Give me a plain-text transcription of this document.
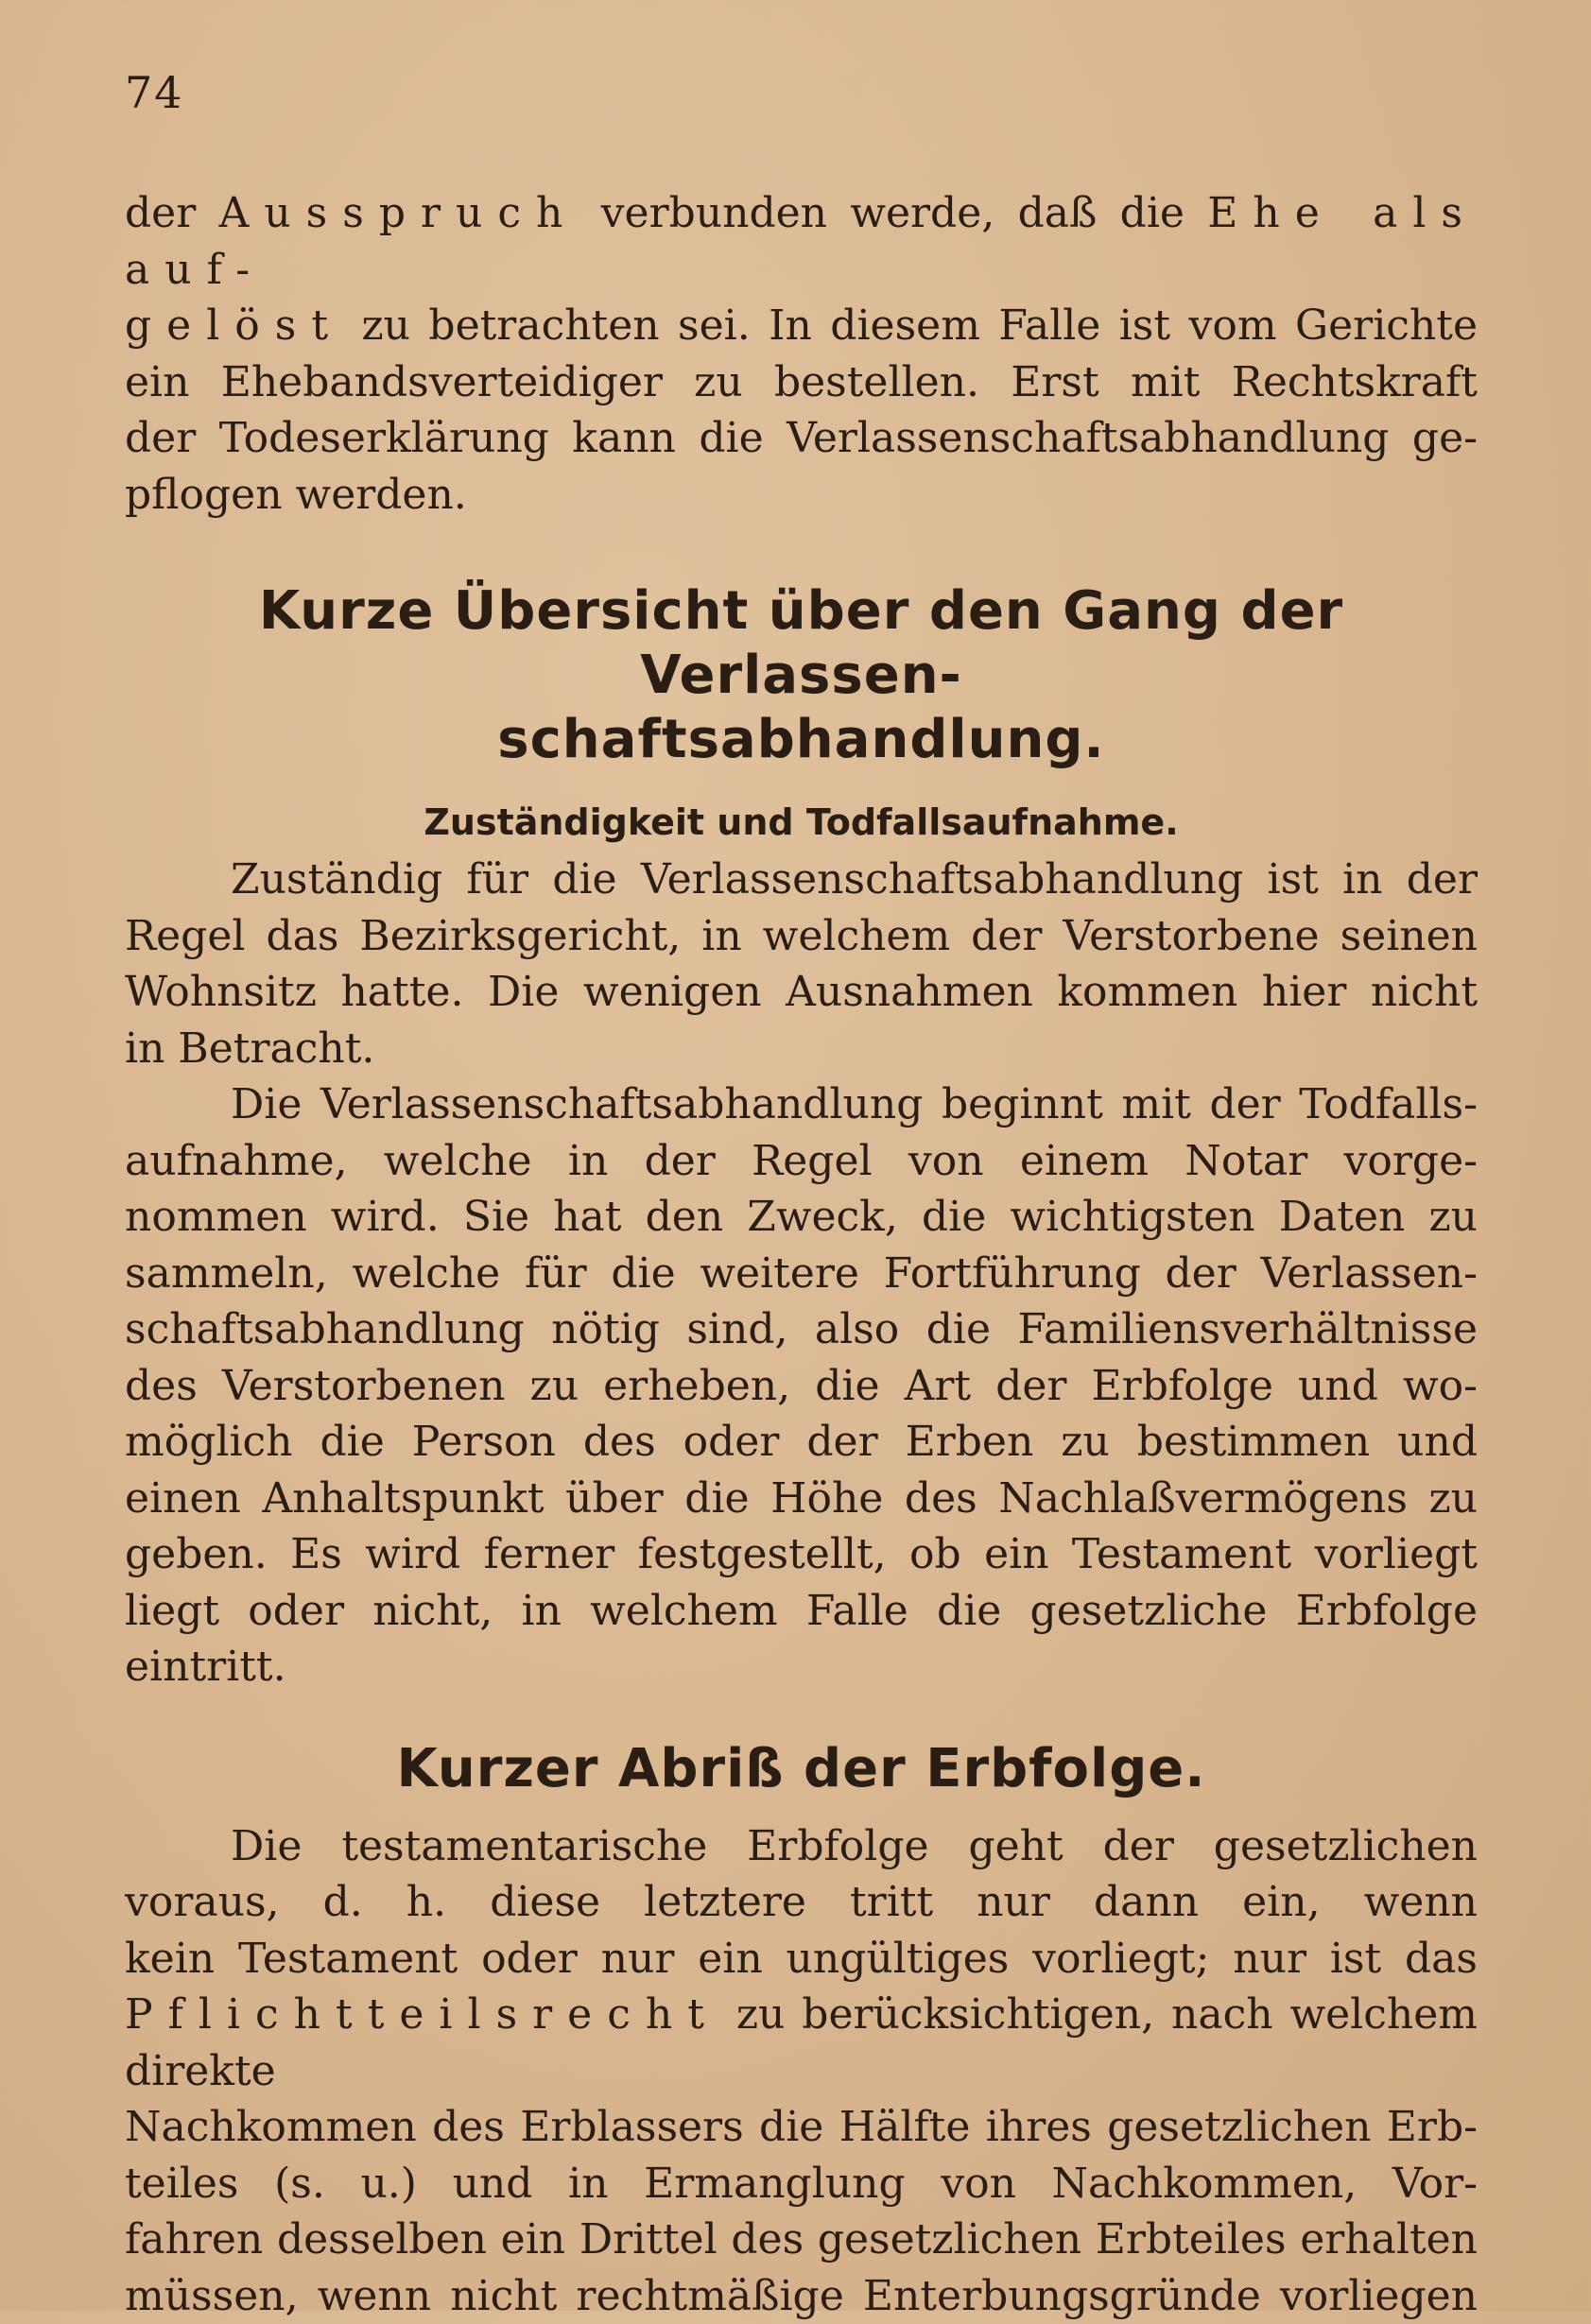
74
der Ausspruch verbunden werde, daß die Ehe als auf-
gelöst zu betrachten sei. In diesem Falle ist vom Gerichte
ein Ehebandsverteidiger zu bestellen. Erst mit Rechtskraft
der Todeserklärung kann die Verlassenschaftsabhandlung ge-
pflogen werden.
Kurze Übersicht über den Gang der Verlassen-
schaftsabhandlung.
Zuständigkeit und Todfallsaufnahme.
Zuständig für die Verlassenschaftsabhandlung ist in der
Regel das Bezirksgericht, in welchem der Verstorbene seinen
Wohnsitz hatte. Die wenigen Ausnahmen kommen hier nicht
in Betracht.
Die Verlassenschaftsabhandlung beginnt mit der Todfalls-
aufnahme, welche in der Regel von einem Notar vorge-
nommen wird. Sie hat den Zweck, die wichtigsten Daten zu
sammeln, welche für die weitere Fortführung der Verlassen-
schaftsabhandlung nötig sind, also die Familiensverhältnisse
des Verstorbenen zu erheben, die Art der Erbfolge und wo-
möglich die Person des oder der Erben zu bestimmen und
einen Anhaltspunkt über die Höhe des Nachlaßvermögens zu
geben. Es wird ferner festgestellt, ob ein Testament vorliegt
liegt oder nicht, in welchem Falle die gesetzliche Erbfolge
eintritt.
Kurzer Abriß der Erbfolge.
Die testamentarische Erbfolge geht der gesetzlichen
voraus, d. h. diese letztere tritt nur dann ein, wenn
kein Testament oder nur ein ungültiges vorliegt; nur ist das
Pflichtteilsrecht zu berücksichtigen, nach welchem direkte
Nachkommen des Erblassers die Hälfte ihres gesetzlichen Erb-
teiles (s. u.) und in Ermanglung von Nachkommen, Vor-
fahren desselben ein Drittel des gesetzlichen Erbteiles erhalten
müssen, wenn nicht rechtmäßige Enterbungsgründe vorliegen
